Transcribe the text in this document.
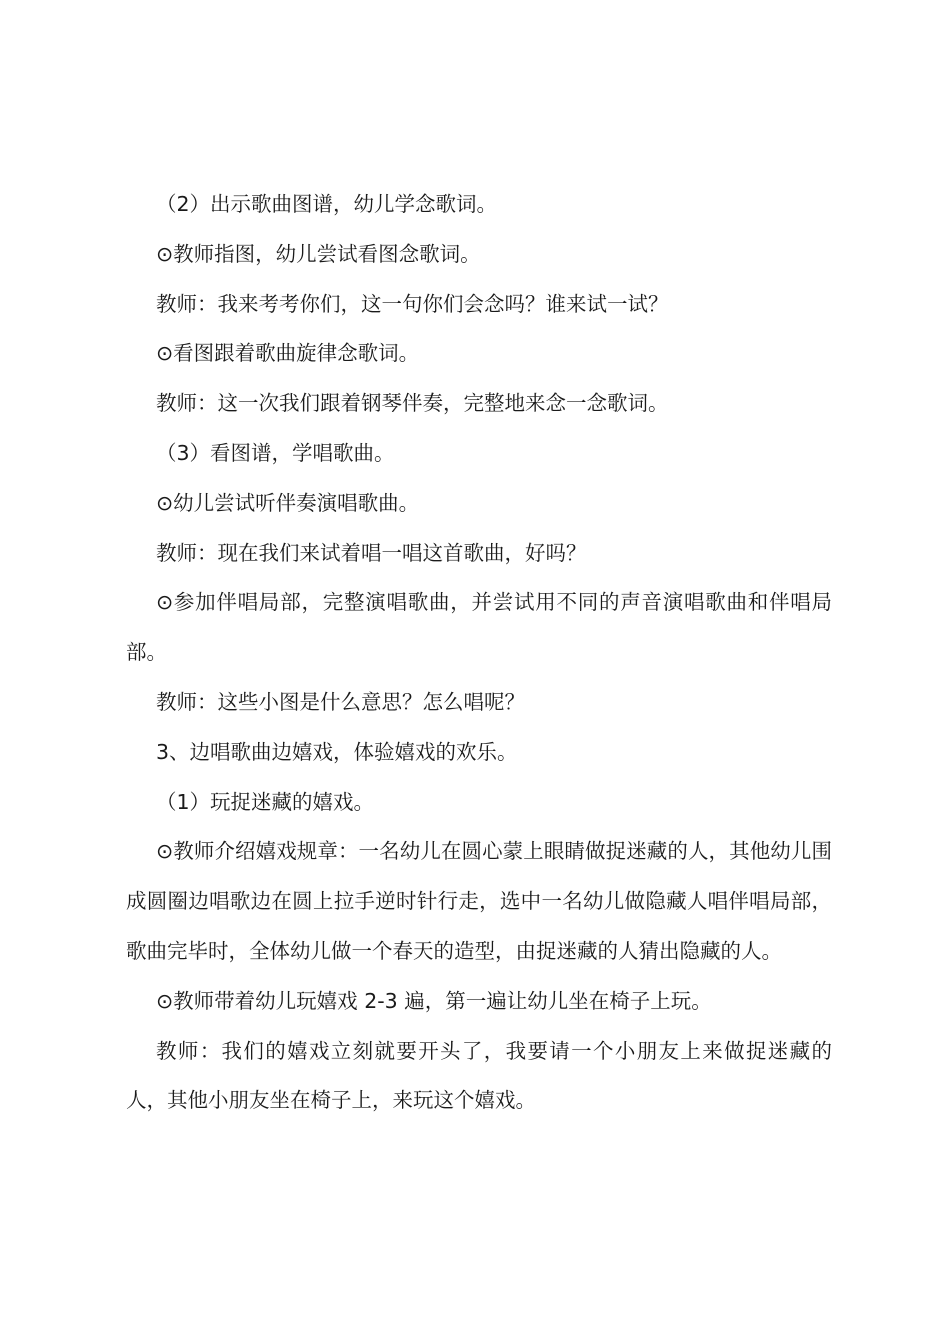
（2）出示歌曲图谱，幼儿学念歌词。

⊙教师指图，幼儿尝试看图念歌词。

教师：我来考考你们，这一句你们会念吗？谁来试一试？

⊙看图跟着歌曲旋律念歌词。

教师：这一次我们跟着钢琴伴奏，完整地来念一念歌词。

（3）看图谱，学唱歌曲。

⊙幼儿尝试听伴奏演唱歌曲。

教师：现在我们来试着唱一唱这首歌曲，好吗？

⊙参加伴唱局部，完整演唱歌曲，并尝试用不同的声音演唱歌曲和伴唱局部。

教师：这些小图是什么意思？怎么唱呢？

3、边唱歌曲边嬉戏，体验嬉戏的欢乐。

（1）玩捉迷藏的嬉戏。

⊙教师介绍嬉戏规章：一名幼儿在圆心蒙上眼睛做捉迷藏的人，其他幼儿围成圆圈边唱歌边在圆上拉手逆时针行走，选中一名幼儿做隐藏人唱伴唱局部，歌曲完毕时，全体幼儿做一个春天的造型，由捉迷藏的人猜出隐藏的人。

⊙教师带着幼儿玩嬉戏 2-3 遍，第一遍让幼儿坐在椅子上玩。

教师：我们的嬉戏立刻就要开头了，我要请一个小朋友上来做捉迷藏的人，其他小朋友坐在椅子上，来玩这个嬉戏。
